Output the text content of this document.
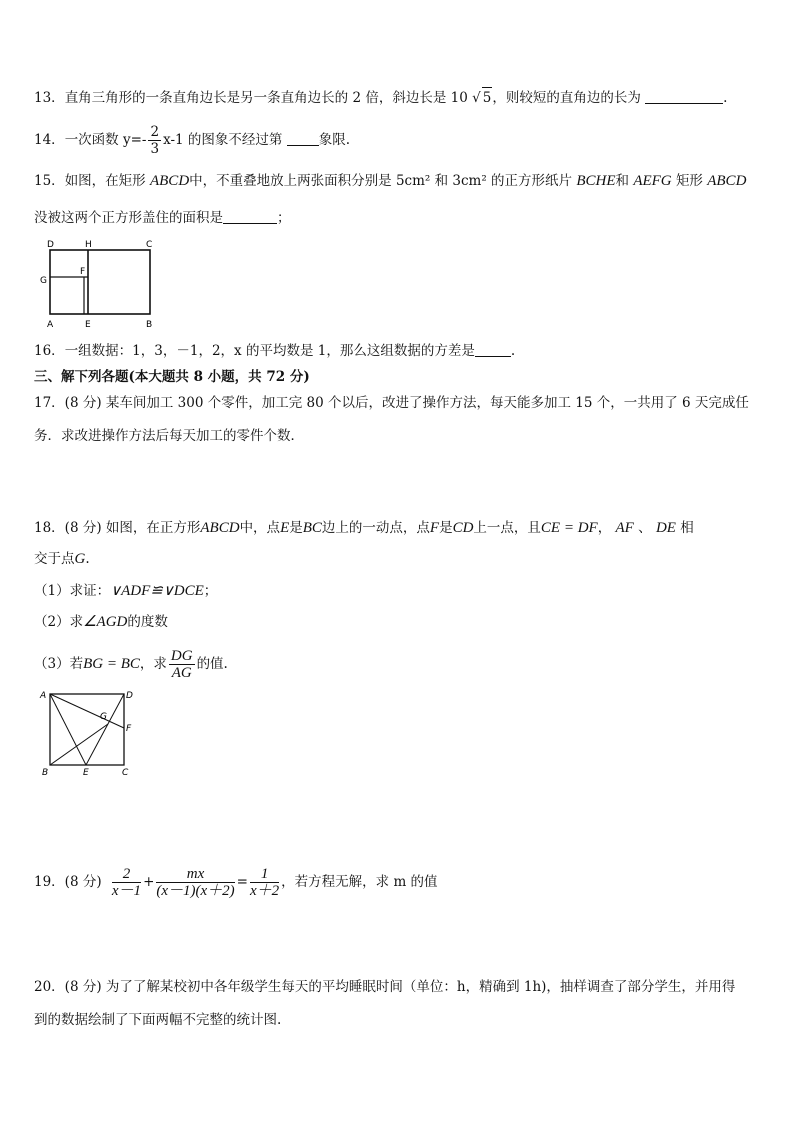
13．直角三角形的一条直角边长是另一条直角边长的 2 倍，斜边长是 10 √ 5，则较短的直角边的长为	.
14．一次函数 $y=- \frac{2}{3} x-1$ 的图象不经过第	象限.
15．如图，在矩形 ABCD中，不重叠地放上两张面积分别是 5cm² 和 3cm² 的正方形纸片 BCHE和 AEFG 矩形 ABCD
没被这两个正方形盖住的面积是	；
D	H	C
G
F
A	E	B
16．一组数据：1，3，－1，2，x 的平均数是 1，那么这组数据的方差是	.
三、解下列各题(本大题共 8 小题，共 72 分)
17．(8 分) 某车间加工 300 个零件，加工完 80 个以后，改进了操作方法，每天能多加工 15 个，一共用了 6 天完成任
务．求改进操作方法后每天加工的零件个数．
18．(8 分) 如图，在正方形ABCD中，点E是BC边上的一动点，点F是CD上一点，且CE = DF， AF 、 DE 相
交于点G.
（1）求证：∨ADF≌∨DCE；
（2）求∠AGD的度数
（3）若BG = BC，求 $\frac{DG}{AG}$ 的值.
A	D
G
F
B	E	C
19．(8 分) $\frac{2}{x-1} + \frac{mx}{(x-1)(x+2)} = \frac{1}{x+2}$ ，若方程无解，求 m 的值
20．(8 分) 为了了解某校初中各年级学生每天的平均睡眠时间（单位：h，精确到 1h)，抽样调查了部分学生，并用得
到的数据绘制了下面两幅不完整的统计图.
